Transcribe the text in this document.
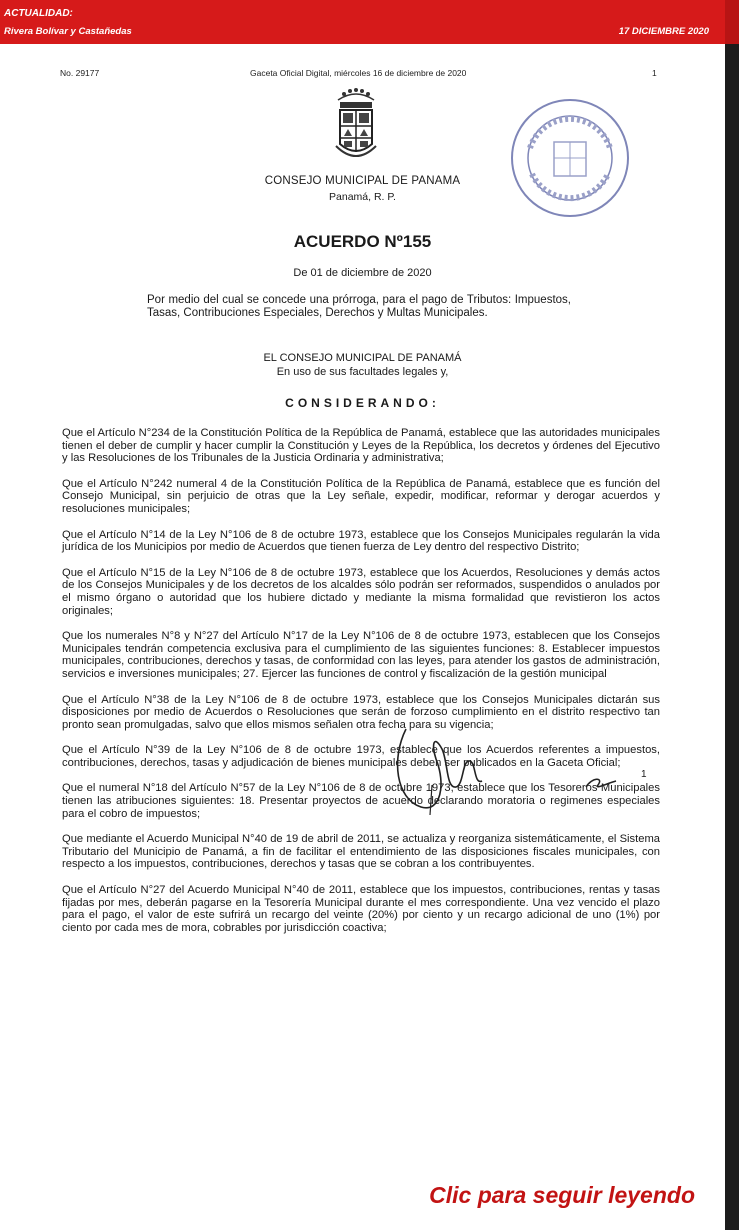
ACTUALIDAD:
Rivera Bolívar y Castañedas	17 DICIEMBRE 2020
No. 29177	Gaceta Oficial Digital, miércoles 16 de diciembre de 2020	1
CONSEJO MUNICIPAL DE PANAMA
Panamá, R. P.
ACUERDO Nº155
De 01 de diciembre de 2020
Por medio del cual se concede una prórroga, para el pago de Tributos: Impuestos, Tasas, Contribuciones Especiales, Derechos y Multas Municipales.
EL CONSEJO MUNICIPAL DE PANAMÁ
En uso de sus facultades legales y,
CONSIDERANDO:

Que el Artículo N°234 de la Constitución Política de la República de Panamá, establece que las autoridades municipales tienen el deber de cumplir y hacer cumplir la Constitución y Leyes de la República, los decretos y órdenes del Ejecutivo y las Resoluciones de los Tribunales de la Justicia Ordinaria y administrativa;

Que el Artículo N°242 numeral 4 de la Constitución Política de la República de Panamá, establece que es función del Consejo Municipal, sin perjuicio de otras que la Ley señale, expedir, modificar, reformar y derogar acuerdos y resoluciones municipales;

Que el Artículo N°14 de la Ley N°106 de 8 de octubre 1973, establece que los Consejos Municipales regularán la vida jurídica de los Municipios por medio de Acuerdos que tienen fuerza de Ley dentro del respectivo Distrito;

Que el Artículo N°15 de la Ley N°106 de 8 de octubre 1973, establece que los Acuerdos, Resoluciones y demás actos de los Consejos Municipales y de los decretos de los alcaldes sólo podrán ser reformados, suspendidos o anulados por el mismo órgano o autoridad que los hubiere dictado y mediante la misma formalidad que revistieron los actos originales;

Que los numerales N°8 y N°27 del Artículo N°17 de la Ley N°106 de 8 de octubre 1973, establecen que los Consejos Municipales tendrán competencia exclusiva para el cumplimiento de las siguientes funciones: 8. Establecer impuestos municipales, contribuciones, derechos y tasas, de conformidad con las leyes, para atender los gastos de administración, servicios e inversiones municipales; 27. Ejercer las funciones de control y fiscalización de la gestión municipal

Que el Artículo N°38 de la Ley N°106 de 8 de octubre 1973, establece que los Consejos Municipales dictarán sus disposiciones por medio de Acuerdos o Resoluciones que serán de forzoso cumplimiento en el distrito respectivo tan pronto sean promulgadas, salvo que ellos mismos señalen otra fecha para su vigencia;

Que el Artículo N°39 de la Ley N°106 de 8 de octubre 1973, establece que los Acuerdos referentes a impuestos, contribuciones, derechos, tasas y adjudicación de bienes municipales deben ser publicados en la Gaceta Oficial;

Que el numeral N°18 del Artículo N°57 de la Ley N°106 de 8 de octubre 1973, establece que los Tesoreros Municipales tienen las atribuciones siguientes: 18. Presentar proyectos de acuerdo declarando moratoria o regimenes especiales para el cobro de impuestos;

Que mediante el Acuerdo Municipal N°40 de 19 de abril de 2011, se actualiza y reorganiza sistemáticamente, el Sistema Tributario del Municipio de Panamá, a fin de facilitar el entendimiento de las disposiciones fiscales municipales, con respecto a los impuestos, contribuciones, derechos y tasas que se cobran a los contribuyentes.

Que el Artículo N°27 del Acuerdo Municipal N°40 de 2011, establece que los impuestos, contribuciones, rentas y tasas fijadas por mes, deberán pagarse en la Tesorería Municipal durante el mes correspondiente. Una vez vencido el plazo para el pago, el valor de este sufrirá un recargo del veinte (20%) por ciento y un recargo adicional de uno (1%) por ciento por cada mes de mora, cobrables por jurisdicción coactiva;

1
Clic para seguir leyendo
